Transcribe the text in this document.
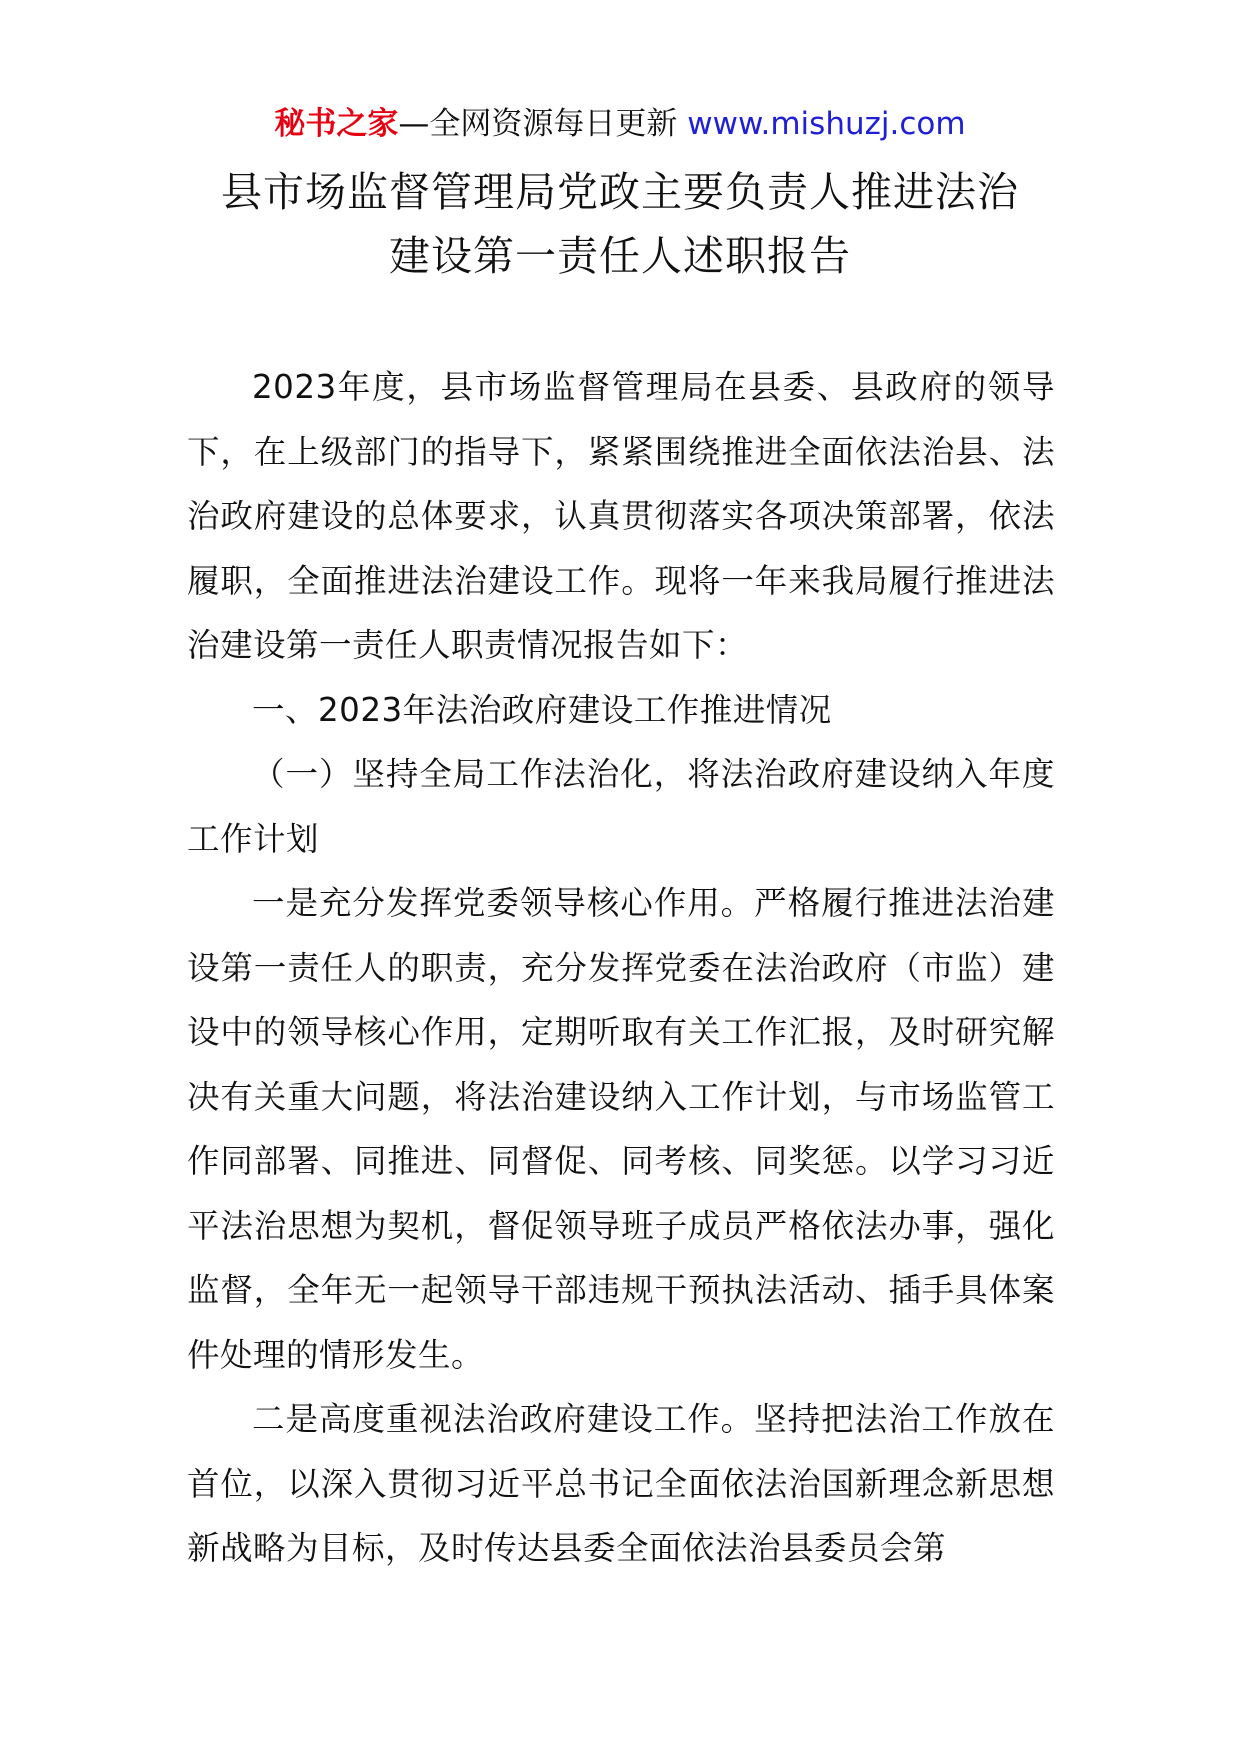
秘书之家—全网资源每日更新 www.mishuzj.com
县市场监督管理局党政主要负责人推进法治
建设第一责任人述职报告

2023年度，县市场监督管理局在县委、县政府的领导下，在上级部门的指导下，紧紧围绕推进全面依法治县、法治政府建设的总体要求，认真贯彻落实各项决策部署，依法履职，全面推进法治建设工作。现将一年来我局履行推进法治建设第一责任人职责情况报告如下：

一、2023年法治政府建设工作推进情况

（一）坚持全局工作法治化，将法治政府建设纳入年度工作计划

一是充分发挥党委领导核心作用。严格履行推进法治建设第一责任人的职责，充分发挥党委在法治政府（市监）建设中的领导核心作用，定期听取有关工作汇报，及时研究解决有关重大问题，将法治建设纳入工作计划，与市场监管工作同部署、同推进、同督促、同考核、同奖惩。以学习习近平法治思想为契机，督促领导班子成员严格依法办事，强化监督，全年无一起领导干部违规干预执法活动、插手具体案件处理的情形发生。

二是高度重视法治政府建设工作。坚持把法治工作放在首位，以深入贯彻习近平总书记全面依法治国新理念新思想新战略为目标，及时传达县委全面依法治县委员会第
